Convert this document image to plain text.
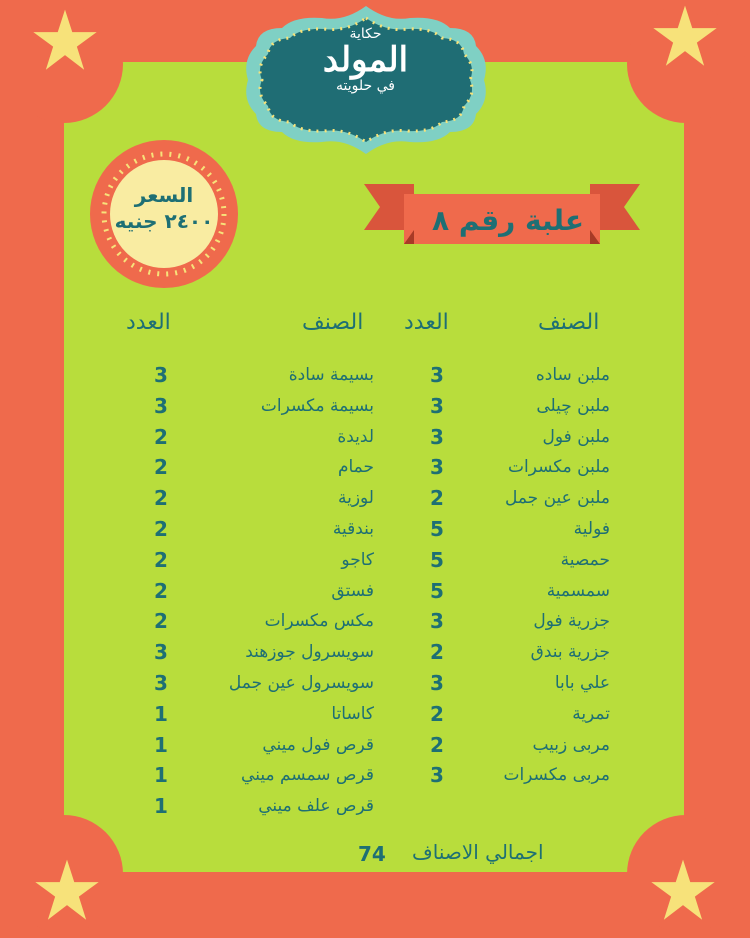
حكاية
المولد
في حلويته
السعر
٢٤٠٠ جنيه	علبة رقم ٨
الصنف
العدد
الصنف
العدد
ملبن ساده
3
ملبن چيلى
3
ملبن فول
3
ملبن مكسرات
3
ملبن عين جمل
2
فولية
5
حمصية
5
سمسمية
5
جزرية فول
3
جزرية بندق
2
علي بابا
3
تمرية
2
مربى زبيب
2
مربى مكسرات
3
بسيمة سادة
3
بسيمة مكسرات
3
لديدة
2
حمام
2
لوزية
2
بندقية
2
كاجو
2
فستق
2
مكس مكسرات
2
سويسرول جوزهند
3
سويسرول عين جمل
3
كاساتا
1
قرص فول ميني
1
قرص سمسم ميني
1
قرص علف ميني
1
اجمالي الاصناف
74
